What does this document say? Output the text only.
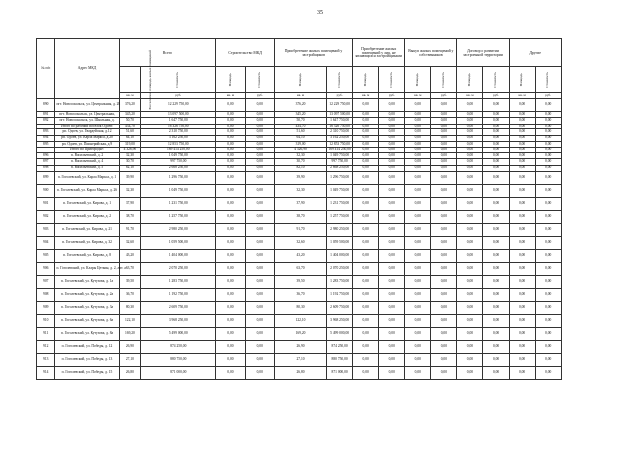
35
№ п/п	Адрес МКД	Всего		Строительство МКД		Приобретение жилых помещений у застройщиков		Приобретение жилых помещений у лиц, не являющихся застройщиками		Выкуп жилых помещений у собственников		Договор о развитии застроенной территории		Другие			
		Расселяемая площадь жилых помещений	Стоимость	Площадь	Стоимость	Площадь	Стоимость	Площадь	Стоимость	Площадь	Стоимость	Площадь	Стоимость	Площадь	Стоимость		
		кв. м	руб.	кв. м	руб.	кв. м	руб.	кв. м	руб.	кв. м	руб.	кв. м	руб.	кв. м	руб.		
890	пгт. Новосокольск, ул. Центральная, д. 28	376,20	12 229 750,00	0,00	0,00	376,20	12 229 750,00	0,00	0,00	0,00	0,00	0,00	0,00	0,00	0,00		
891	пгт. Новосокольск, ул. Центральная,	345,20	13 097 500,00	0,00	0,00	345,20	13 097 500,00	0,00	0,00	0,00	0,00	0,00	0,00	0,00	0,00		
892	пгт. Новосокольск, ул. Школьная, д.	50,70	1 647 750,00	0,00	0,00	50,70	1 647 750,00	0,00	0,00	0,00	0,00	0,00	0,00	0,00	0,00		
	Итого по рабочий поселок Одоев:	434,70	16 326 750,00	0,00	0,00	434,70	16 326 750,00	0,00	0,00	0,00	0,00	0,00	0,00	0,00	0,00		
893	рп. Одоев, ул. Гвардейская, д.12	51,60	2 310 750,00	0,00	0,00	51,60	2 310 750,00	0,00	0,00	0,00	0,00	0,00	0,00	0,00	0,00		
894	рп. Одоев, ул. Карла Маркса, д.20	64,10	3 162 250,00	0,00	0,00	64,10	3 162 250,00	0,00	0,00	0,00	0,00	0,00	0,00	0,00	0,00		
895	рп. Одоев, ул. Пионерийская, д.9	319,00	12 853 750,00	0,00	0,00	319,00	12 853 750,00	0,00	0,00	0,00	0,00	0,00	0,00	0,00	0,00		
	Итого по Пригородье:	4 326,90	169 414 250,00	0,00	0,00	4 326,90	169 414 250,00	0,00	0,00	0,00	0,00	0,00	0,00	0,00	0,00		
896	п. Васильевский, д. 2	32,30	1 049 750,00	0,00	0,00	32,30	1 049 750,00	0,00	0,00	0,00	0,00	0,00	0,00	0,00	0,00		
897	п. Васильевский, д. 4	30,70	997 750,00	0,00	0,00	30,70	997 750,00	0,00	0,00	0,00	0,00	0,00	0,00	0,00	0,00		
898	п. Васильевский, д. 5	82,10	2 668 250,00	0,00	0,00	82,10	2 668 250,00	0,00	0,00	0,00	0,00	0,00	0,00	0,00	0,00		
899	п. Гоголевский, ул. Карла Маркса, д. 1	39,90	1 296 750,00	0,00	0,00	39,90	1 296 750,00	0,00	0,00	0,00	0,00	0,00	0,00	0,00	0,00		
900	п. Гоголевский, ул. Карла Маркса, д. 26	32,30	1 049 750,00	0,00	0,00	32,30	1 049 750,00	0,00	0,00	0,00	0,00	0,00	0,00	0,00	0,00		
901	п. Гоголевский, ул. Кирова, д. 1	37,90	1 231 750,00	0,00	0,00	37,90	1 231 750,00	0,00	0,00	0,00	0,00	0,00	0,00	0,00	0,00		
902	п. Гоголевский, ул. Кирова, д. 2	38,70	1 257 750,00	0,00	0,00	38,70	1 257 750,00	0,00	0,00	0,00	0,00	0,00	0,00	0,00	0,00		
903	п. Гоголевский, ул. Кирова, д. 21	91,70	2 980 250,00	0,00	0,00	91,70	2 980 250,00	0,00	0,00	0,00	0,00	0,00	0,00	0,00	0,00		
904	п. Гоголевский, ул. Кирова, д. 32	32,60	1 059 500,00	0,00	0,00	32,60	1 059 500,00	0,00	0,00	0,00	0,00	0,00	0,00	0,00	0,00		
905	п. Гоголевский, ул. Кирова, д. 8	43,20	1 404 000,00	0,00	0,00	43,20	1 404 000,00	0,00	0,00	0,00	0,00	0,00	0,00	0,00	0,00		
906	п. Гоголевский, ул. Клары Цеткин, д. 2, лит. а	63,70	2 070 250,00	0,00	0,00	63,70	2 070 250,00	0,00	0,00	0,00	0,00	0,00	0,00	0,00	0,00		
907	п. Гоголевский, ул. Кутузова, д. 1а	39,50	1 283 750,00	0,00	0,00	39,50	1 283 750,00	0,00	0,00	0,00	0,00	0,00	0,00	0,00	0,00		
908	п. Гоголевский, ул. Кутузова, д. 2а	36,70	1 192 750,00	0,00	0,00	36,70	1 192 750,00	0,00	0,00	0,00	0,00	0,00	0,00	0,00	0,00		
909	п. Гоголевский, ул. Кутузова, д. 3а	80,30	2 609 750,00	0,00	0,00	80,30	2 609 750,00	0,00	0,00	0,00	0,00	0,00	0,00	0,00	0,00		
910	п. Гоголевский, ул. Кутузова, д. 6а	122,10	3 968 250,00	0,00	0,00	122,10	3 968 250,00	0,00	0,00	0,00	0,00	0,00	0,00	0,00	0,00		
911	п. Гоголевский, ул. Кутузова, д. 8а	169,20	5 499 000,00	0,00	0,00	169,20	5 499 000,00	0,00	0,00	0,00	0,00	0,00	0,00	0,00	0,00		
912	п. Гоголевский, ул. Победы, д. 12	26,90	874 250,00	0,00	0,00	26,90	874 250,00	0,00	0,00	0,00	0,00	0,00	0,00	0,00	0,00		
913	п. Гоголевский, ул. Победы, д. 13	27,10	880 750,00	0,00	0,00	27,10	880 750,00	0,00	0,00	0,00	0,00	0,00	0,00	0,00	0,00		
914	п. Гоголевский, ул. Победы, д. 15	26,80	871 000,00	0,00	0,00	26,80	871 000,00	0,00	0,00	0,00	0,00	0,00	0,00	0,00	0,00		
